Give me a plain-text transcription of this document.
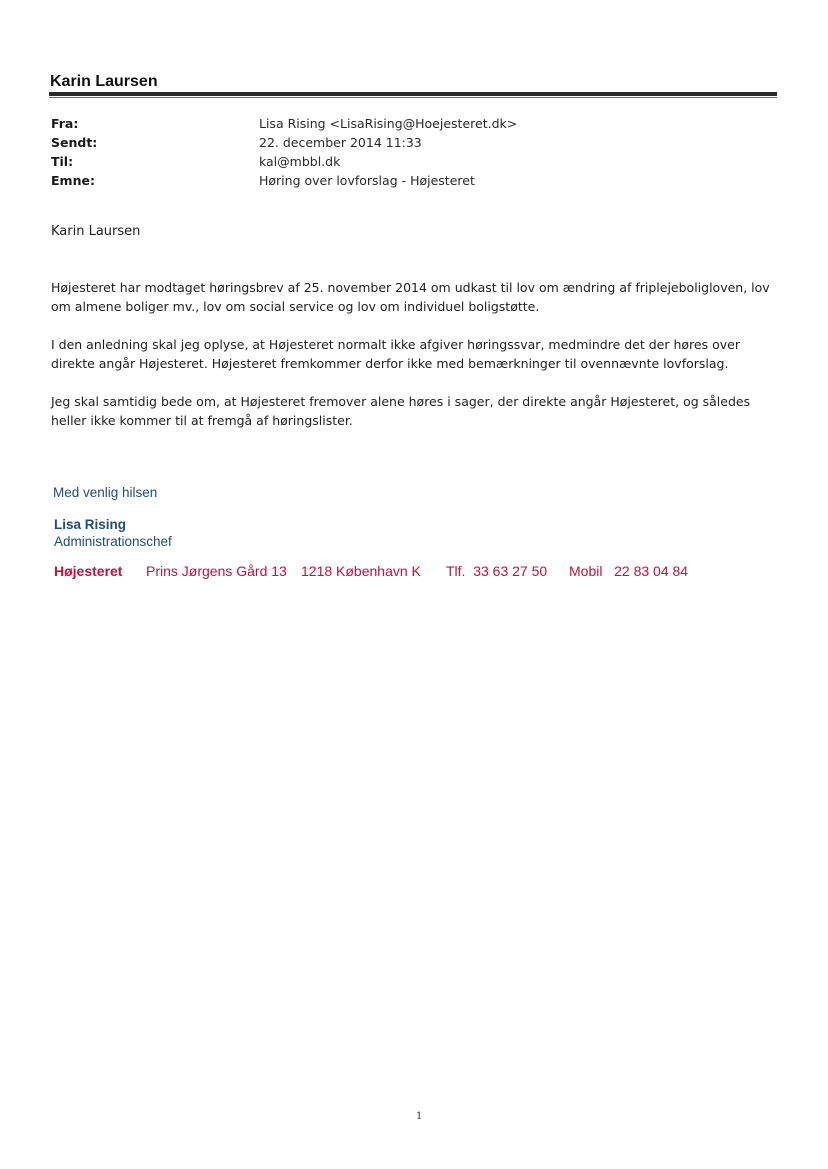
Karin Laursen
Fra:	Lisa Rising <LisaRising@Hoejesteret.dk>
Sendt:	22. december 2014 11:33
Til:	kal@mbbl.dk
Emne:	Høring over lovforslag - Højesteret
Karin Laursen
Højesteret har modtaget høringsbrev af 25. november 2014 om udkast til lov om ændring af friplejeboligloven, lov om almene boliger mv., lov om social service og lov om individuel boligstøtte.
I den anledning skal jeg oplyse, at Højesteret normalt ikke afgiver høringssvar, medmindre det der høres over direkte angår Højesteret. Højesteret fremkommer derfor ikke med bemærkninger til ovennævnte lovforslag.
Jeg skal samtidig bede om, at Højesteret fremover alene høres i sager, der direkte angår Højesteret, og således heller ikke kommer til at fremgå af høringslister.
Med venlig hilsen
Lisa Rising
Administrationschef
Højesteret Prins Jørgens Gård 13 1218 København K Tlf.  33 63 27 50 Mobil   22 83 04 84
1
